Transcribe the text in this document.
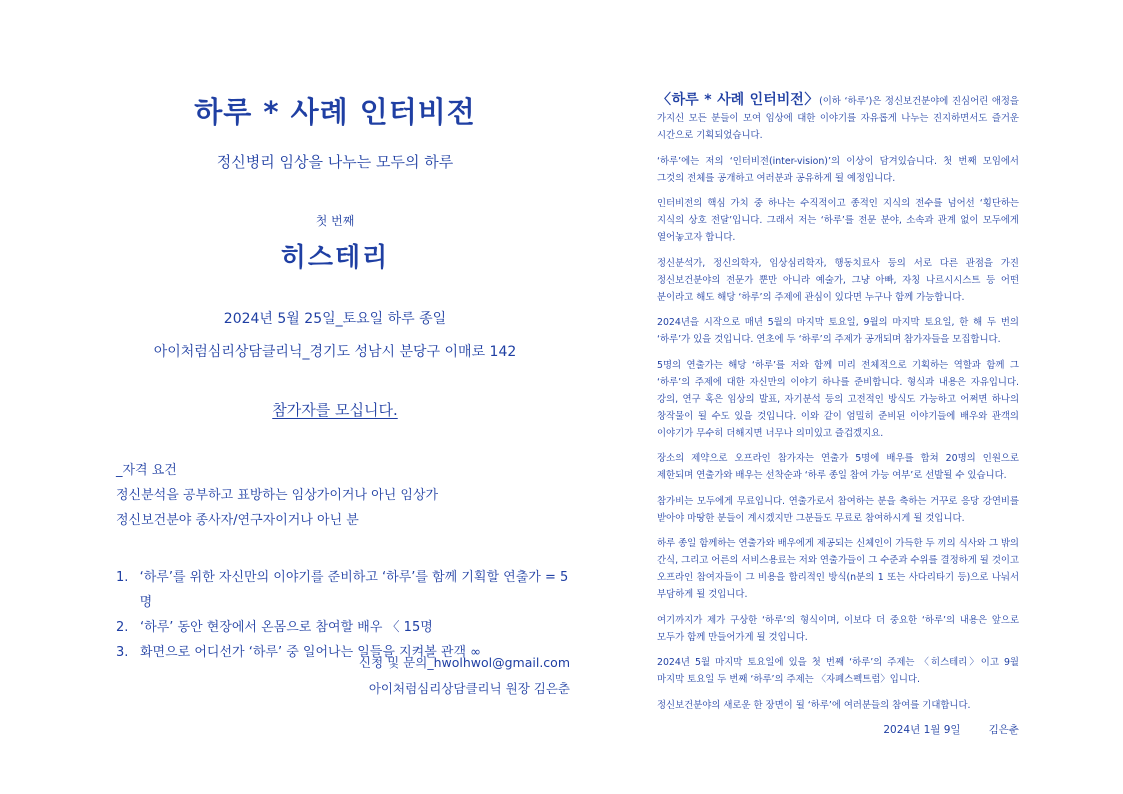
하루 * 사례 인터비전
정신병리 임상을 나누는 모두의 하루
첫 번째
히스테리
2024년 5월 25일_토요일 하루 종일
아이처럼심리상담클리닉_경기도 성남시 분당구 이매로 142
참가자를 모십니다.
_자격 요건
정신분석을 공부하고 표방하는 임상가이거나 아닌 임상가
정신보건분야 종사자/연구자이거나 아닌 분
1. ‘하루’를 위한 자신만의 이야기를 준비하고 ‘하루’를 함께 기획할 연출가 = 5명
2. ‘하루’ 동안 현장에서 온몸으로 참여할 배우 〈 15명
3. 화면으로 어디선가 ‘하루’ 중 일어나는 일들을 지켜볼 관객 ∞
신청 및 문의_hwolhwol@gmail.com
아이처럼심리상담클리닉 원장 김은춘

〈하루 * 사례 인터비전〉(이하 ‘하루’)은 정신보건분야에 진심어린 애정을 가지신 모든 분들이 모여 임상에 대한 이야기를 자유롭게 나누는 진지하면서도 즐거운 시간으로 기획되었습니다.

‘하루’에는 저의 ‘인터비전(inter-vision)’의 이상이 담겨있습니다. 첫 번째 모임에서 그것의 전체를 공개하고 여러분과 공유하게 될 예정입니다.

인터비전의 핵심 가치 중 하나는 수직적이고 종적인 지식의 전수를 넘어선 ‘횡단하는 지식의 상호 전달’입니다. 그래서 저는 ‘하루’를 전문 분야, 소속과 관계 없이 모두에게 열어놓고자 합니다.

정신분석가, 정신의학자, 임상심리학자, 행동치료사 등의 서로 다른 관점을 가진 정신보건분야의 전문가 뿐만 아니라 예술가, 그냥 아빠, 자칭 나르시시스트 등 어떤 분이라고 해도 해당 ‘하루’의 주제에 관심이 있다면 누구나 함께 가능합니다.

2024년을 시작으로 매년 5월의 마지막 토요일, 9월의 마지막 토요일, 한 해 두 번의 ‘하루’가 있을 것입니다. 연초에 두 ‘하루’의 주제가 공개되며 참가자들을 모집합니다.

5명의 연출가는 해당 ‘하루’를 저와 함께 미리 전체적으로 기획하는 역할과 함께 그 ‘하루’의 주제에 대한 자신만의 이야기 하나를 준비합니다. 형식과 내용은 자유입니다. 강의, 연구 혹은 임상의 발표, 자기분석 등의 고전적인 방식도 가능하고 어쩌면 하나의 창작물이 될 수도 있을 것입니다. 이와 같이 엄밀히 준비된 이야기들에 배우와 관객의 이야기가 무수히 더해지면 너무나 의미있고 즐겁겠지요.

장소의 제약으로 오프라인 참가자는 연출가 5명에 배우를 합쳐 20명의 인원으로 제한되며 연출가와 배우는 선착순과 ‘하루 종일 참여 가능 여부’로 선발될 수 있습니다.

참가비는 모두에게 무료입니다. 연출가로서 참여하는 분을 축하는 거꾸로 응당 강연비를 받아야 마땅한 분들이 계시겠지만 그분들도 무료로 참여하시게 될 것입니다.

하루 종일 함께하는 연출가와 배우에게 제공되는 신체인이 가득한 두 끼의 식사와 그 밖의 간식, 그리고 어른의 서비스용료는 저와 연출가들이 그 수준과 수위를 결정하게 될 것이고 오프라인 참여자들이 그 비용을 합리적인 방식(n분의 1 또는 사다리타기 등)으로 나눠서 부담하게 될 것입니다.

여기까지가 제가 구상한 ‘하루’의 형식이며, 이보다 더 중요한 ‘하루’의 내용은 앞으로 모두가 함께 만들어가게 될 것입니다.

2024년 5월 마지막 토요일에 있을 첫 번째 ‘하루’의 주제는 〈히스테리〉이고 9월 마지막 토요일 두 번째 ‘하루’의 주제는 〈자폐스펙트럼〉입니다.

정신보건분야의 새로운 한 장면이 될 ‘하루’에 여러분들의 참여를 기대합니다.

2024년 1월 9일	김은춘
